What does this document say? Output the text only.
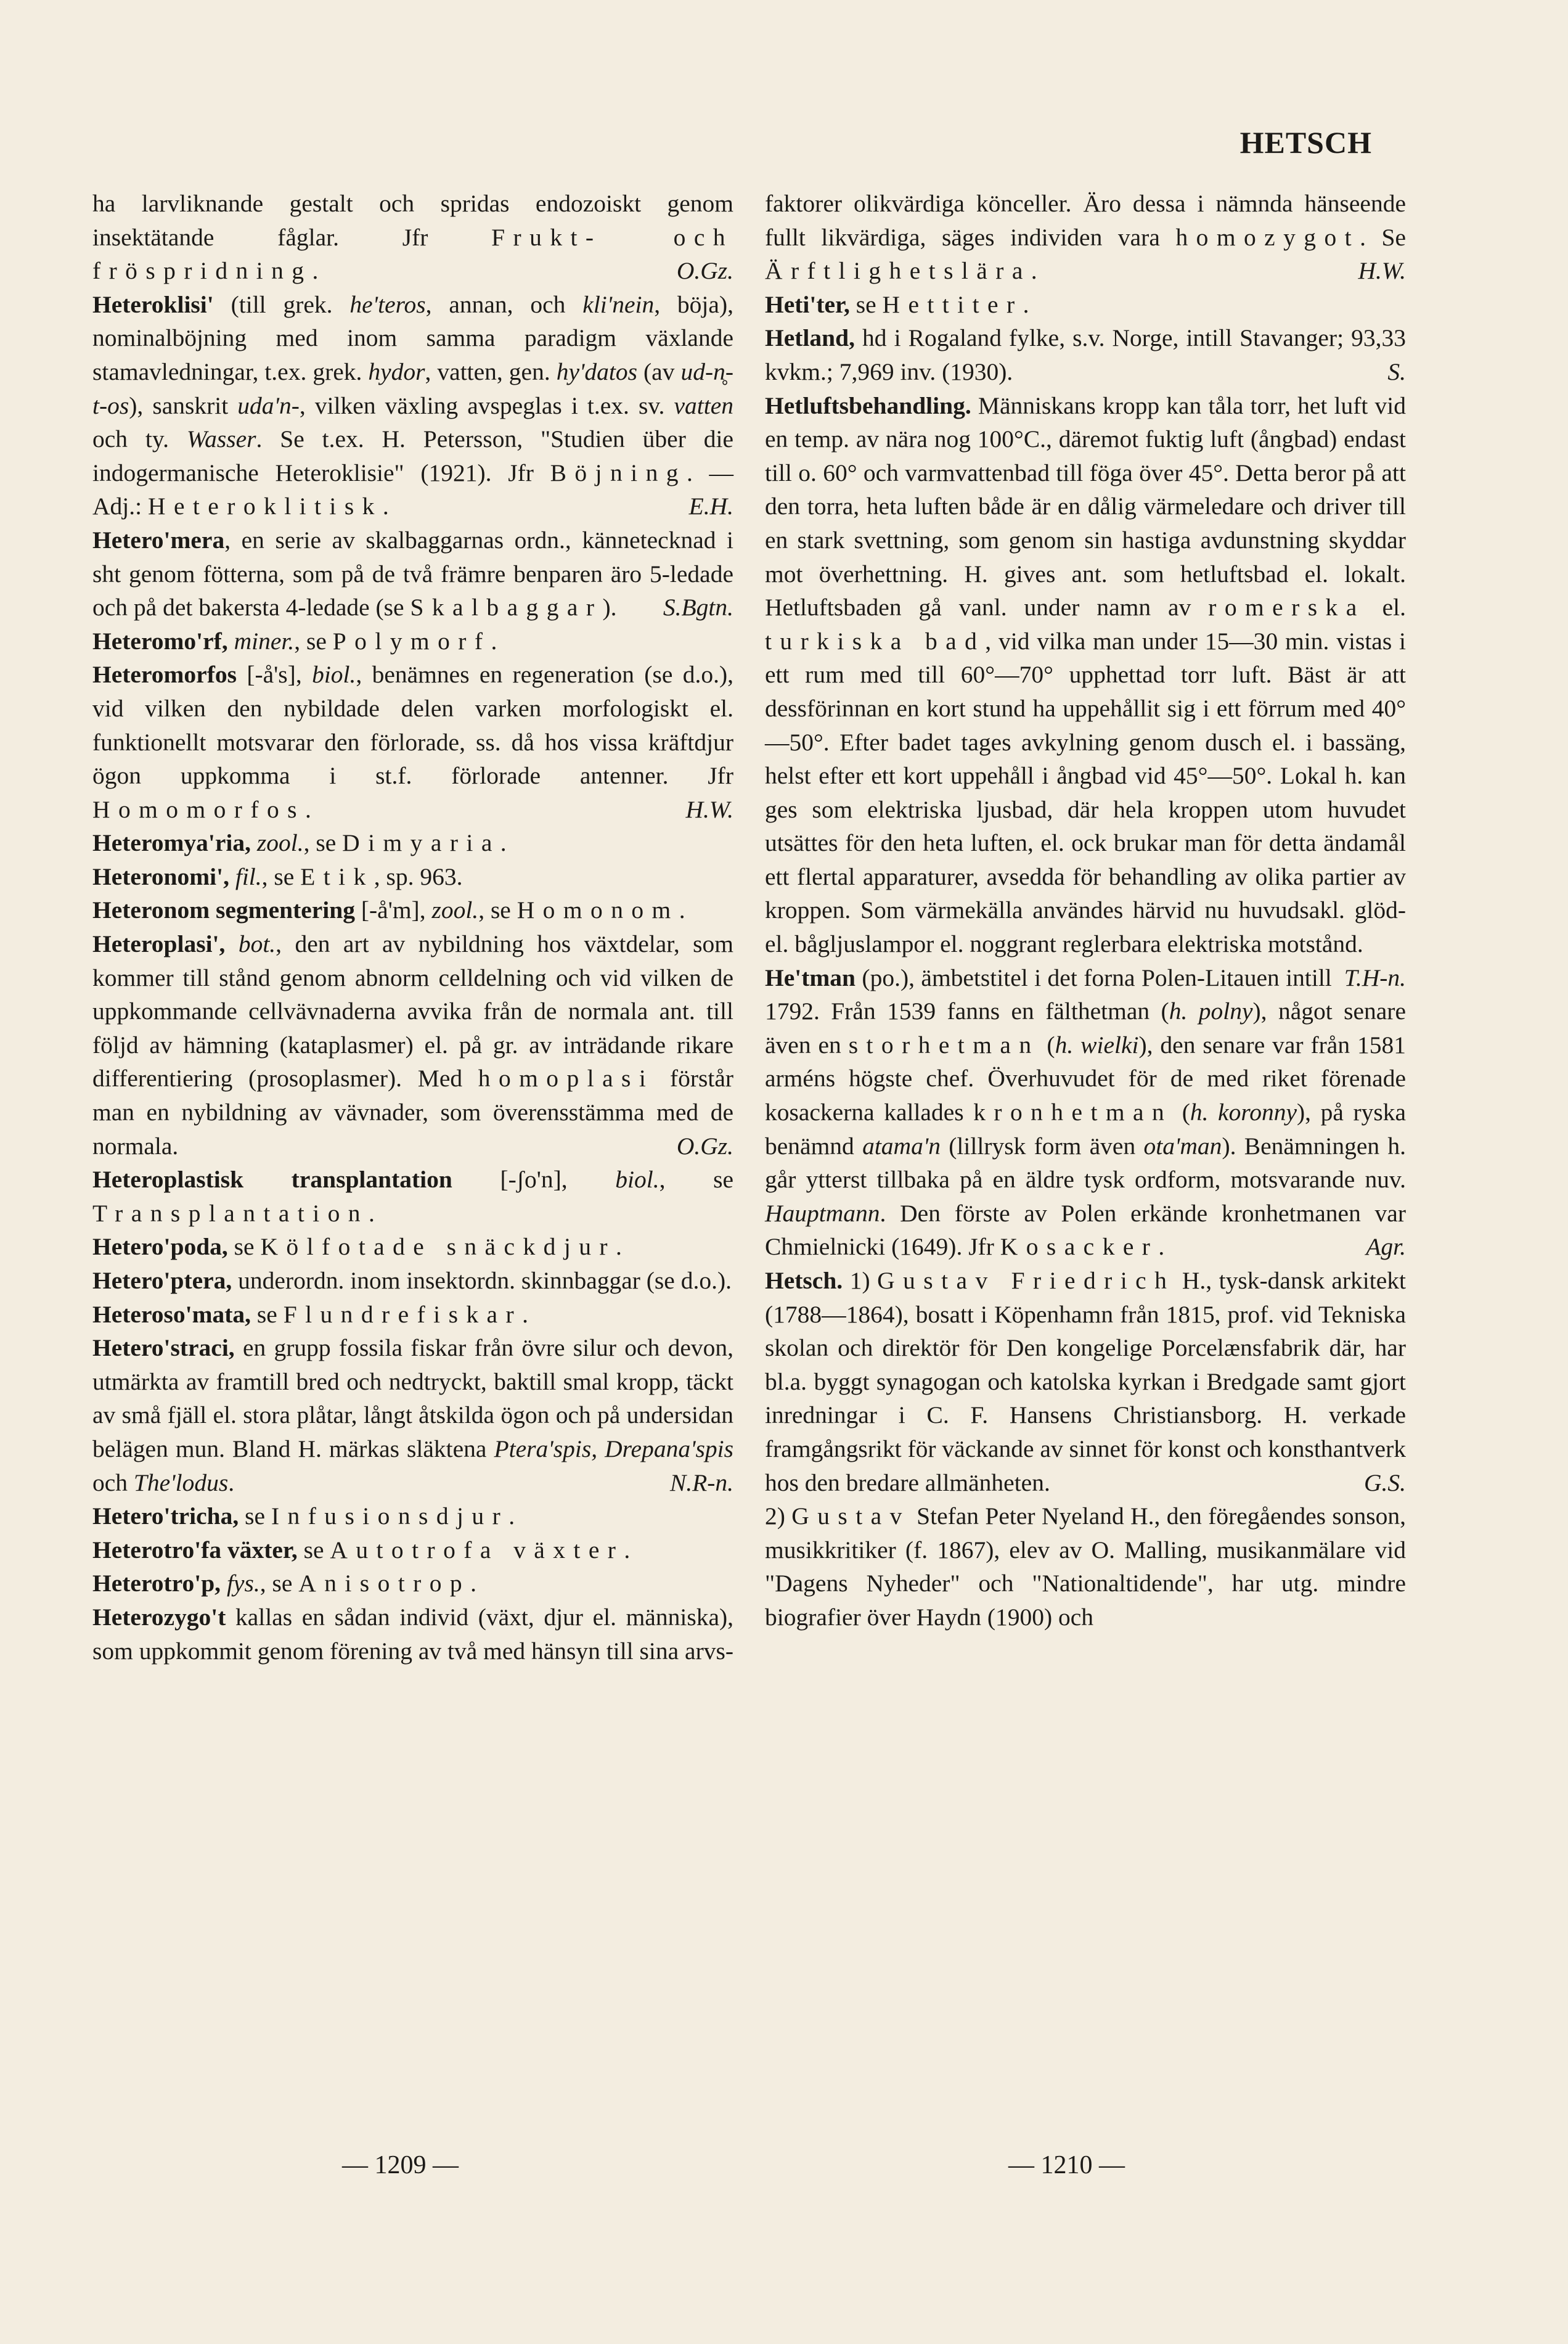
HETSCH

ha larvliknande gestalt och spridas endozoiskt genom insektätande fåglar. Jfr Frukt- och fröspridning.	O.Gz.

Heteroklisi' (till grek. he'teros, annan, och kli'nein, böja), nominalböjning med inom samma paradigm växlande stamavledningar, t.ex. grek. hydor, vatten, gen. hy'datos (av ud-n̥-t-os), sanskrit uda'n-, vilken växling avspeglas i t.ex. sv. vatten och ty. Wasser. Se t.ex. H. Petersson, "Studien über die indogermanische Heteroklisie" (1921). Jfr Böjning. — Adj.: Heteroklitisk.	E.H.

Hetero'mera, en serie av skalbaggarnas ordn., kännetecknad i sht genom fötterna, som på de två främre benparen äro 5-ledade och på det bakersta 4-ledade (se Skalbaggar).	S.Bgtn.

Heteromo'rf, miner., se Polymorf.

Heteromorfos [-å's], biol., benämnes en regeneration (se d.o.), vid vilken den nybildade delen varken morfologiskt el. funktionellt motsvarar den förlorade, ss. då hos vissa kräftdjur ögon uppkomma i st.f. förlorade antenner. Jfr Homomorfos.	H.W.

Heteromya'ria, zool., se Dimyaria.

Heteronomi', fil., se Etik, sp. 963.

Heteronom segmentering [-å'm], zool., se Homonom.

Heteroplasi', bot., den art av nybildning hos växtdelar, som kommer till stånd genom abnorm celldelning och vid vilken de uppkommande cellvävnaderna avvika från de normala ant. till följd av hämning (kataplasmer) el. på gr. av inträdande rikare differentiering (prosoplasmer). Med homoplasi förstår man en nybildning av vävnader, som överensstämma med de normala.	O.Gz.

Heteroplastisk transplantation [-ʃo'n], biol., se Transplantation.

Hetero'poda, se Kölfotade snäckdjur.

Hetero'ptera, underordn. inom insektordn. skinnbaggar (se d.o.).

Heteroso'mata, se Flundrefiskar.

Hetero'straci, en grupp fossila fiskar från övre silur och devon, utmärkta av framtill bred och nedtryckt, baktill smal kropp, täckt av små fjäll el. stora plåtar, långt åtskilda ögon och på undersidan belägen mun. Bland H. märkas släktena Ptera'spis, Drepana'spis och The'lodus.	N.R-n.

Hetero'tricha, se Infusionsdjur.

Heterotro'fa växter, se Autotrofa växter.

Heterotro'p, fys., se Anisotrop.

Heterozygo't kallas en sådan individ (växt, djur el. människa), som uppkommit genom förening av två med hänsyn till sina arvs-

faktorer olikvärdiga könceller. Äro dessa i nämnda hänseende fullt likvärdiga, säges individen vara homozygot. Se Ärftlighetslära.	H.W.

Heti'ter, se Hettiter.

Hetland, hd i Rogaland fylke, s.v. Norge, intill Stavanger; 93,33 kvkm.; 7,969 inv. (1930).	S.

Hetluftsbehandling. Människans kropp kan tåla torr, het luft vid en temp. av nära nog 100°C., däremot fuktig luft (ångbad) endast till o. 60° och varmvattenbad till föga över 45°. Detta beror på att den torra, heta luften både är en dålig värmeledare och driver till en stark svettning, som genom sin hastiga avdunstning skyddar mot överhettning. H. gives ant. som hetluftsbad el. lokalt. Hetluftsbaden gå vanl. under namn av romerska el. turkiska bad, vid vilka man under 15—30 min. vistas i ett rum med till 60°—70° upphettad torr luft. Bäst är att dessförinnan en kort stund ha uppehållit sig i ett förrum med 40°—50°. Efter badet tages avkylning genom dusch el. i bassäng, helst efter ett kort uppehåll i ångbad vid 45°—50°. Lokal h. kan ges som elektriska ljusbad, där hela kroppen utom huvudet utsättes för den heta luften, el. ock brukar man för detta ändamål ett flertal apparaturer, avsedda för behandling av olika partier av kroppen. Som värmekälla användes härvid nu huvudsakl. glöd- el. bågljuslampor el. noggrant reglerbara elektriska motstånd.
T.H-n.

He'tman (po.), ämbetstitel i det forna Polen-Litauen intill 1792. Från 1539 fanns en fälthetman (h. polny), något senare även en storhetman (h. wielki), den senare var från 1581 arméns högste chef. Överhuvudet för de med riket förenade kosackerna kallades kronhetman (h. koronny), på ryska benämnd atama'n (lillrysk form även ota'man). Benämningen h. går ytterst tillbaka på en äldre tysk ordform, motsvarande nuv. Hauptmann. Den förste av Polen erkände kronhetmanen var Chmielnicki (1649). Jfr Kosacker.	Agr.

Hetsch. 1) Gustav Friedrich H., tysk-dansk arkitekt (1788—1864), bosatt i Köpenhamn från 1815, prof. vid Tekniska skolan och direktör för Den kongelige Porcelænsfabrik där, har bl.a. byggt synagogan och katolska kyrkan i Bredgade samt gjort inredningar i C. F. Hansens Christiansborg. H. verkade framgångsrikt för väckande av sinnet för konst och konsthantverk hos den bredare allmänheten.	G.S.

2) Gustav Stefan Peter Nyeland H., den föregåendes sonson, musikkritiker (f. 1867), elev av O. Malling, musikanmälare vid "Dagens Nyheder" och "Nationaltidende", har utg. mindre biografier över Haydn (1900) och

— 1209 —	— 1210 —
